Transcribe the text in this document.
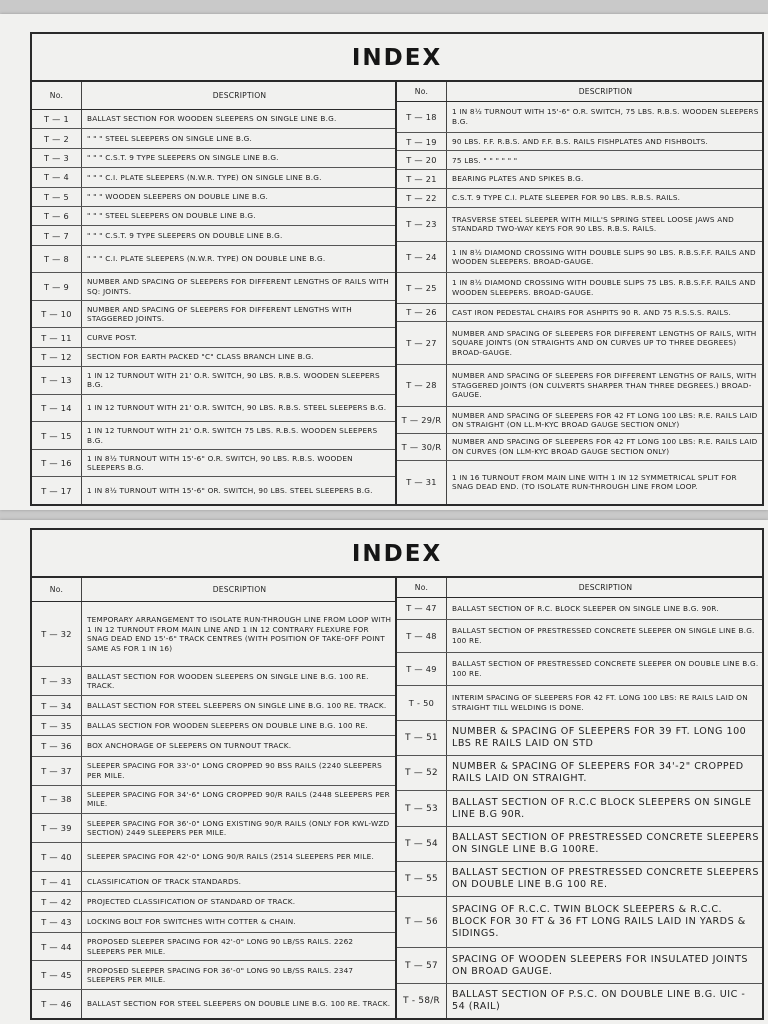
INDEX
No.	DESCRIPTION
T — 1	BALLAST SECTION FOR WOODEN SLEEPERS ON SINGLE LINE B.G.
T — 2	" " " STEEL SLEEPERS ON SINGLE LINE B.G.
T — 3	" " " C.S.T. 9 TYPE SLEEPERS ON SINGLE LINE B.G.
T — 4	" " " C.I. PLATE SLEEPERS (N.W.R. TYPE) ON SINGLE LINE B.G.
T — 5	" " " WOODEN SLEEPERS ON DOUBLE LINE B.G.
T — 6	" " " STEEL SLEEPERS ON DOUBLE LINE B.G.
T — 7	" " " C.S.T. 9 TYPE SLEEPERS ON DOUBLE LINE B.G.
T — 8	" " " C.I. PLATE SLEEPERS (N.W.R. TYPE) ON DOUBLE LINE B.G.
T — 9	NUMBER AND SPACING OF SLEEPERS FOR DIFFERENT LENGTHS OF RAILS WITH SQ: JOINTS.
T — 10	NUMBER AND SPACING OF SLEEPERS FOR DIFFERENT LENGTHS WITH STAGGERED JOINTS.
T — 11	CURVE POST.
T — 12	SECTION FOR EARTH PACKED "C" CLASS BRANCH LINE B.G.
T — 13	1 IN 12 TURNOUT WITH 21' O.R. SWITCH, 90 LBS. R.B.S. WOODEN SLEEPERS B.G.
T — 14	1 IN 12 TURNOUT WITH 21' O.R. SWITCH, 90 LBS. R.B.S. STEEL SLEEPERS B.G.
T — 15	1 IN 12 TURNOUT WITH 21' O.R. SWITCH 75 LBS. R.B.S. WOODEN SLEEPERS B.G.
T — 16	1 IN 8½ TURNOUT WITH 15'-6" O.R. SWITCH, 90 LBS. R.B.S. WOODEN SLEEPERS B.G.
T — 17	1 IN 8½ TURNOUT WITH 15'-6" OR. SWITCH, 90 LBS. STEEL SLEEPERS B.G.
No.	DESCRIPTION
T — 18	1 IN 8½ TURNOUT WITH 15'-6" O.R. SWITCH, 75 LBS. R.B.S. WOODEN SLEEPERS B.G.
T — 19	90 LBS. F.F. R.B.S. AND F.F. B.S. RAILS FISHPLATES AND FISHBOLTS.
T — 20	75 LBS. " " " " " "
T — 21	BEARING PLATES AND SPIKES B.G.
T — 22	C.S.T. 9 TYPE C.I. PLATE SLEEPER FOR 90 LBS. R.B.S. RAILS.
T — 23	TRASVERSE STEEL SLEEPER WITH MILL'S SPRING STEEL LOOSE JAWS AND STANDARD TWO-WAY KEYS FOR 90 LBS. R.B.S. RAILS.
T — 24	1 IN 8½ DIAMOND CROSSING WITH DOUBLE SLIPS 90 LBS. R.B.S.F.F. RAILS AND WOODEN SLEEPERS. BROAD-GAUGE.
T — 25	1 IN 8½ DIAMOND CROSSING WITH DOUBLE SLIPS 75 LBS. R.B.S.F.F. RAILS AND WOODEN SLEEPERS. BROAD-GAUGE.
T — 26	CAST IRON PEDESTAL CHAIRS FOR ASHPITS 90 R. AND 75 R.S.S.S. RAILS.
T — 27
NUMBER AND SPACING OF SLEEPERS FOR DIFFERENT LENGTHS OF RAILS, WITH SQUARE JOINTS (ON STRAIGHTS AND ON CURVES UP TO THREE DEGREES) BROAD-GAUGE.
T — 28
NUMBER AND SPACING OF SLEEPERS FOR DIFFERENT LENGTHS OF RAILS, WITH STAGGERED JOINTS (ON CULVERTS SHARPER THAN THREE DEGREES.) BROAD-GAUGE.
T — 29/R	NUMBER AND SPACING OF SLEEPERS FOR 42 FT LONG 100 LBS: R.E. RAILS LAID ON STRAIGHT (ON LL.M-KYC BROAD GAUGE SECTION ONLY)
T — 30/R	NUMBER AND SPACING OF SLEEPERS FOR 42 FT LONG 100 LBS: R.E. RAILS LAID ON CURVES (ON LLM-KYC BROAD GAUGE SECTION ONLY)
T — 31	1 IN 16 TURNOUT FROM MAIN LINE WITH 1 IN 12 SYMMETRICAL SPLIT FOR SNAG DEAD END. (TO ISOLATE RUN-THROUGH LINE FROM LOOP.
INDEX
No.	DESCRIPTION
T — 32
TEMPORARY ARRANGEMENT TO ISOLATE RUN-THROUGH LINE FROM LOOP WITH 1 IN 12 TURNOUT FROM MAIN LINE AND 1 IN 12 CONTRARY FLEXURE FOR SNAG DEAD END 15'-6" TRACK CENTRES (WITH POSITION OF TAKE-OFF POINT SAME AS FOR 1 IN 16)
T — 33	BALLAST SECTION FOR WOODEN SLEEPERS ON SINGLE LINE B.G. 100 RE. TRACK.
T — 34	BALLAST SECTION FOR STEEL SLEEPERS ON SINGLE LINE B.G. 100 RE. TRACK.
T — 35	BALLAS SECTION FOR WOODEN SLEEPERS ON DOUBLE LINE B.G. 100 RE.
T — 36	BOX ANCHORAGE OF SLEEPERS ON TURNOUT TRACK.
T — 37	SLEEPER SPACING FOR 33'-0" LONG CROPPED 90 BSS RAILS (2240 SLEEPERS PER MILE.
T — 38	SLEEPER SPACING FOR 34'-6" LONG CROPPED 90/R RAILS (2448 SLEEPERS PER MILE.
T — 39	SLEEPER SPACING FOR 36'-0" LONG EXISTING 90/R RAILS (ONLY FOR KWL-WZD SECTION) 2449 SLEEPERS PER MILE.
T — 40	SLEEPER SPACING FOR 42'-0" LONG 90/R RAILS (2514 SLEEPERS PER MILE.
T — 41	CLASSIFICATION OF TRACK STANDARDS.
T — 42	PROJECTED CLASSIFICATION OF STANDARD OF TRACK.
T — 43	LOCKING BOLT FOR SWITCHES WITH COTTER & CHAIN.
T — 44	PROPOSED SLEEPER SPACING FOR 42'-0" LONG 90 LB/SS RAILS. 2262 SLEEPERS PER MILE.
T — 45	PROPOSED SLEEPER SPACING FOR 36'-0" LONG 90 LB/SS RAILS. 2347 SLEEPERS PER MILE.
T — 46	BALLAST SECTION FOR STEEL SLEEPERS ON DOUBLE LINE B.G. 100 RE. TRACK.
No.	DESCRIPTION
T — 47	BALLAST SECTION OF R.C. BLOCK SLEEPER ON SINGLE LINE B.G. 90R.
T — 48	BALLAST SECTION OF PRESTRESSED CONCRETE SLEEPER ON SINGLE LINE B.G. 100 RE.
T — 49	BALLAST SECTION OF PRESTRESSED CONCRETE SLEEPER ON DOUBLE LINE B.G. 100 RE.
T - 50	INTERIM SPACING OF SLEEPERS FOR 42 FT. LONG 100 LBS: RE RAILS LAID ON STRAIGHT TILL WELDING IS DONE.
T — 51
NUMBER & SPACING OF SLEEPERS FOR 39 FT. LONG 100 LBS RE RAILS LAID ON STD
T — 52
NUMBER & SPACING OF SLEEPERS FOR 34'-2" CROPPED RAILS LAID ON STRAIGHT.
T — 53
BALLAST SECTION OF R.C.C BLOCK SLEEPERS ON SINGLE LINE B.G 90R.
T — 54
BALLAST SECTION OF PRESTRESSED CONCRETE SLEEPERS ON SINGLE LINE B.G 100RE.
T — 55
BALLAST SECTION OF PRESTRESSED CONCRETE SLEEPERS ON DOUBLE LINE B.G 100 RE.
T — 56
SPACING OF R.C.C. TWIN BLOCK SLEEPERS & R.C.C. BLOCK FOR 30 FT & 36 FT LONG RAILS LAID IN YARDS & SIDINGS.
T — 57
SPACING OF WOODEN SLEEPERS FOR INSULATED JOINTS ON BROAD GAUGE.
T - 58/R
BALLAST SECTION OF P.S.C. ON DOUBLE LINE B.G. UIC - 54 (RAIL)
